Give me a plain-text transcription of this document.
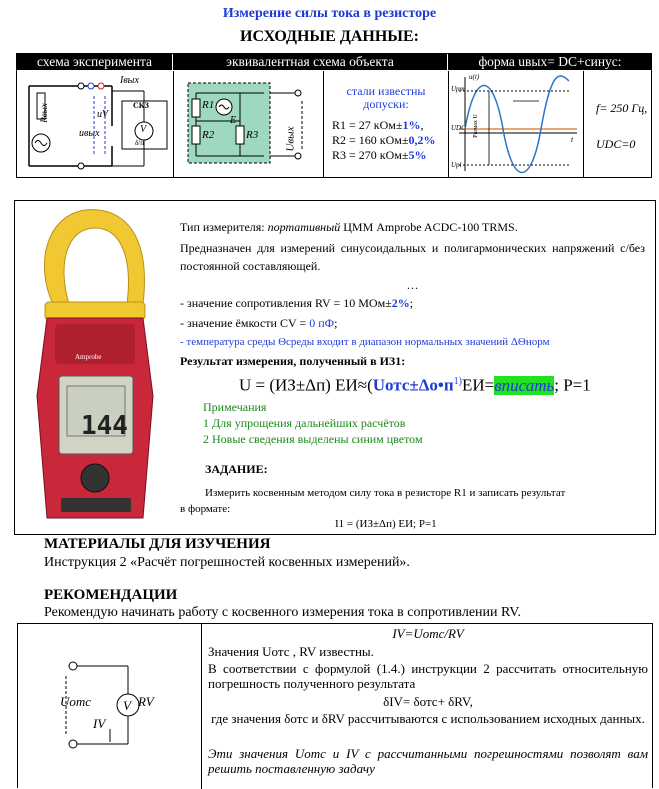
Измерение силы тока в резисторе
ИСХОДНЫЕ ДАННЫЕ:
схема эксперимента	эквивалентная схема объекта	форма uвых= DC+синус:
Rвых
Iвых
uV
uвых
СКЗ
V
δ/п
R1
R2	R3
E
Uвых
стали известны допуски:
R1 = 27 кОм±1%,
R2 = 160 кОм±0,2%
R3 = 270 кОм±5%
u(t)
Uрm
UDC
Upl
t
Размах U
f= 250 Гц,
UDC=0
144
Amprobe
Тип измерителя: портативный ЦММ Amprobe ACDC-100 TRMS.
Предназначен для измерений синусоидальных и полигармонических напряжений с/без постоянной составляющей.
…
- значение сопротивления RV = 10 МОм±2%;
- значение ёмкости CV = 0 пФ;
- температура среды Θсреды входит в диапазон нормальных значений ΔΘнорм
Результат измерения, полученный в ИЗ1:
U = (ИЗ±Δп) $ЕИ\approx(Uотс\pm\Delta о•п^{1)}ЕИ=вписать$; P=1
Примечания
1 Для упрощения дальнейших расчётов
2 Новые сведения выделены синим цветом
ЗАДАНИЕ:
Измерить косвенным методом силу тока в резисторе R1 и записать результат
в формате:
I1 = (ИЗ±Δп) ЕИ; P=1
МАТЕРИАЛЫ ДЛЯ ИЗУЧЕНИЯ
Инструкция 2 «Расчёт погрешностей косвенных измерений».
РЕКОМЕНДАЦИИ
Рекомендую начинать работу с косвенного измерения тока в сопротивлении RV.
Uотс V RV
IV
IV=Uотс/RV
Значения Uотс , RV известны.
В соответствии с формулой (1.4.) инструкции 2 рассчитать относительную погрешность полученного результата
δIV= δотс+ δRV,
где значения δотс и δRV рассчитываются с использованием исходных данных.
Эти значения Uотс и IV с рассчитанными погрешностями позволят вам решить поставленную задачу
